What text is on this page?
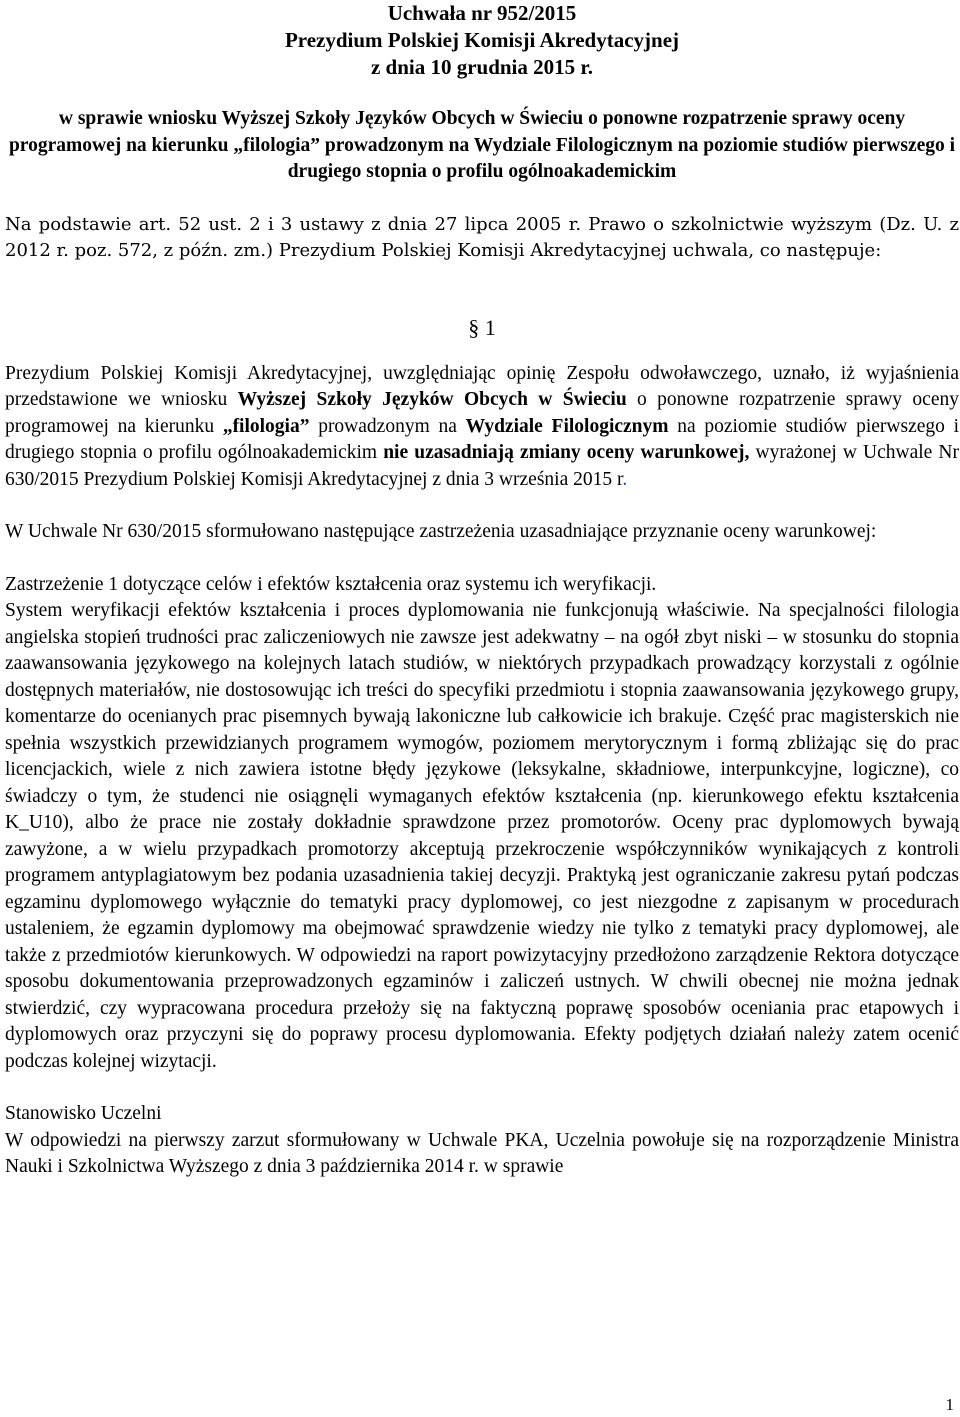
Uchwała nr 952/2015
Prezydium Polskiej Komisji Akredytacyjnej
z dnia 10 grudnia 2015 r.
w sprawie wniosku Wyższej Szkoły Języków Obcych w Świeciu o ponowne rozpatrzenie sprawy oceny programowej na kierunku „filologia” prowadzonym na Wydziale Filologicznym na poziomie studiów pierwszego i drugiego stopnia o profilu ogólnoakademickim

Na podstawie art. 52 ust. 2 i 3 ustawy z dnia 27 lipca 2005 r. Prawo o szkolnictwie wyższym (Dz. U. z 2012 r. poz. 572, z późn. zm.) Prezydium Polskiej Komisji Akredytacyjnej uchwala, co następuje:

§ 1

Prezydium Polskiej Komisji Akredytacyjnej, uwzględniając opinię Zespołu odwoławczego, uznało, iż wyjaśnienia przedstawione we wniosku Wyższej Szkoły Języków Obcych w Świeciu o ponowne rozpatrzenie sprawy oceny programowej na kierunku „filologia” prowadzonym na Wydziale Filologicznym na poziomie studiów pierwszego i drugiego stopnia o profilu ogólnoakademickim nie uzasadniają zmiany oceny warunkowej, wyrażonej w Uchwale Nr 630/2015 Prezydium Polskiej Komisji Akredytacyjnej z dnia 3 września 2015 r.

W Uchwale Nr 630/2015 sformułowano następujące zastrzeżenia uzasadniające przyznanie oceny warunkowej:

Zastrzeżenie 1 dotyczące celów i efektów kształcenia oraz systemu ich weryfikacji.

System weryfikacji efektów kształcenia i proces dyplomowania nie funkcjonują właściwie. Na specjalności filologia angielska stopień trudności prac zaliczeniowych nie zawsze jest adekwatny – na ogół zbyt niski – w stosunku do stopnia zaawansowania językowego na kolejnych latach studiów, w niektórych przypadkach prowadzący korzystali z ogólnie dostępnych materiałów, nie dostosowując ich treści do specyfiki przedmiotu i stopnia zaawansowania językowego grupy, komentarze do ocenianych prac pisemnych bywają lakoniczne lub całkowicie ich brakuje. Część prac magisterskich nie spełnia wszystkich przewidzianych programem wymogów, poziomem merytorycznym i formą zbliżając się do prac licencjackich, wiele z nich zawiera istotne błędy językowe (leksykalne, składniowe, interpunkcyjne, logiczne), co świadczy o tym, że studenci nie osiągnęli wymaganych efektów kształcenia (np. kierunkowego efektu kształcenia K_U10), albo że prace nie zostały dokładnie sprawdzone przez promotorów. Oceny prac dyplomowych bywają zawyżone, a w wielu przypadkach promotorzy akceptują przekroczenie współczynników wynikających z kontroli programem antyplagiatowym bez podania uzasadnienia takiej decyzji. Praktyką jest ograniczanie zakresu pytań podczas egzaminu dyplomowego wyłącznie do tematyki pracy dyplomowej, co jest niezgodne z zapisanym w procedurach ustaleniem, że egzamin dyplomowy ma obejmować sprawdzenie wiedzy nie tylko z tematyki pracy dyplomowej, ale także z przedmiotów kierunkowych. W odpowiedzi na raport powizytacyjny przedłożono zarządzenie Rektora dotyczące sposobu dokumentowania przeprowadzonych egzaminów i zaliczeń ustnych. W chwili obecnej nie można jednak stwierdzić, czy wypracowana procedura przełoży się na faktyczną poprawę sposobów oceniania prac etapowych i dyplomowych oraz przyczyni się do poprawy procesu dyplomowania. Efekty podjętych działań należy zatem ocenić podczas kolejnej wizytacji.

Stanowisko Uczelni

W odpowiedzi na pierwszy zarzut sformułowany w Uchwale PKA, Uczelnia powołuje się na rozporządzenie Ministra Nauki i Szkolnictwa Wyższego z dnia 3 października 2014 r. w sprawie

1
